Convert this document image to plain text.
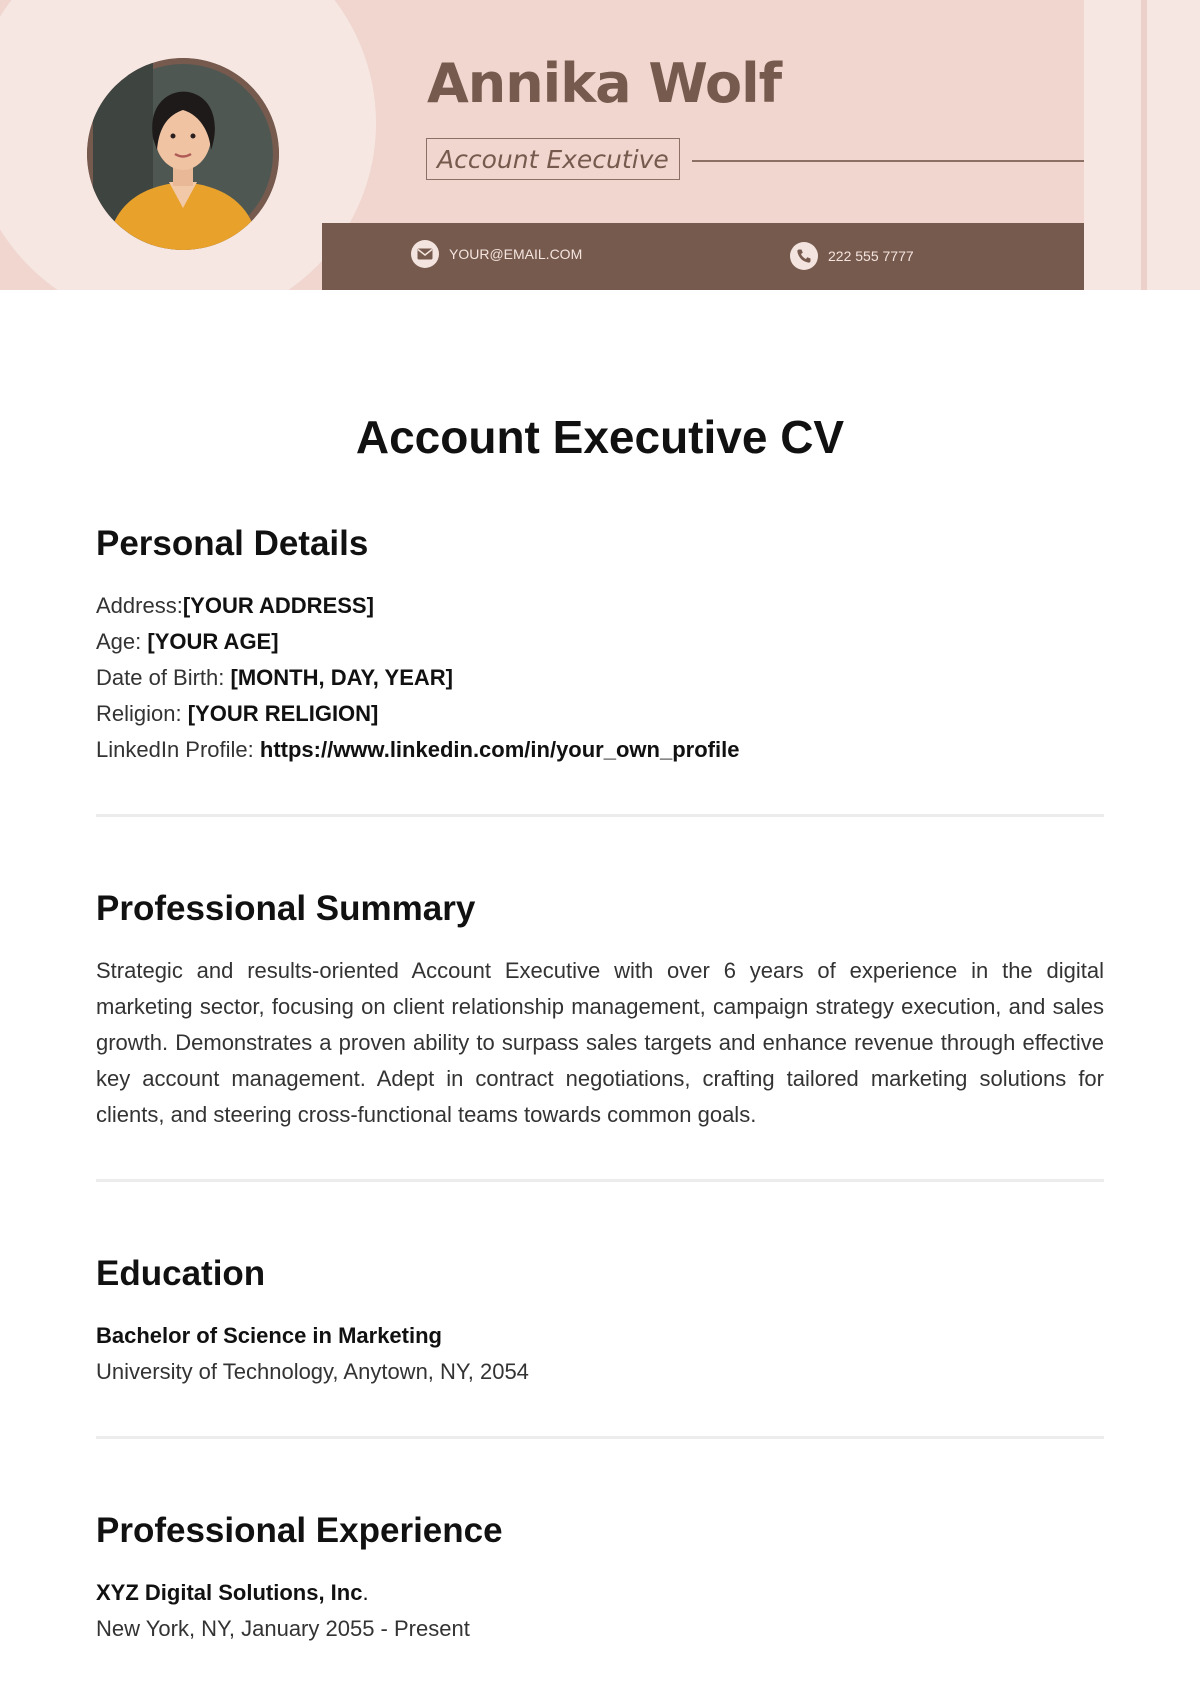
Annika Wolf
Account Executive
YOUR@EMAIL.COM	222 555 7777
Account Executive CV
Personal Details
Address:[YOUR ADDRESS]
Age: [YOUR AGE]
Date of Birth: [MONTH, DAY, YEAR]
Religion: [YOUR RELIGION]
LinkedIn Profile: https://www.linkedin.com/in/your_own_profile
Professional Summary

Strategic and results-oriented Account Executive with over 6 years of experience in the digital marketing sector, focusing on client relationship management, campaign strategy execution, and sales growth. Demonstrates a proven ability to surpass sales targets and enhance revenue through effective key account management. Adept in contract negotiations, crafting tailored marketing solutions for clients, and steering cross-functional teams towards common goals.

Education
Bachelor of Science in Marketing
University of Technology, Anytown, NY, 2054
Professional Experience
XYZ Digital Solutions, Inc.
New York, NY, January 2055 - Present
